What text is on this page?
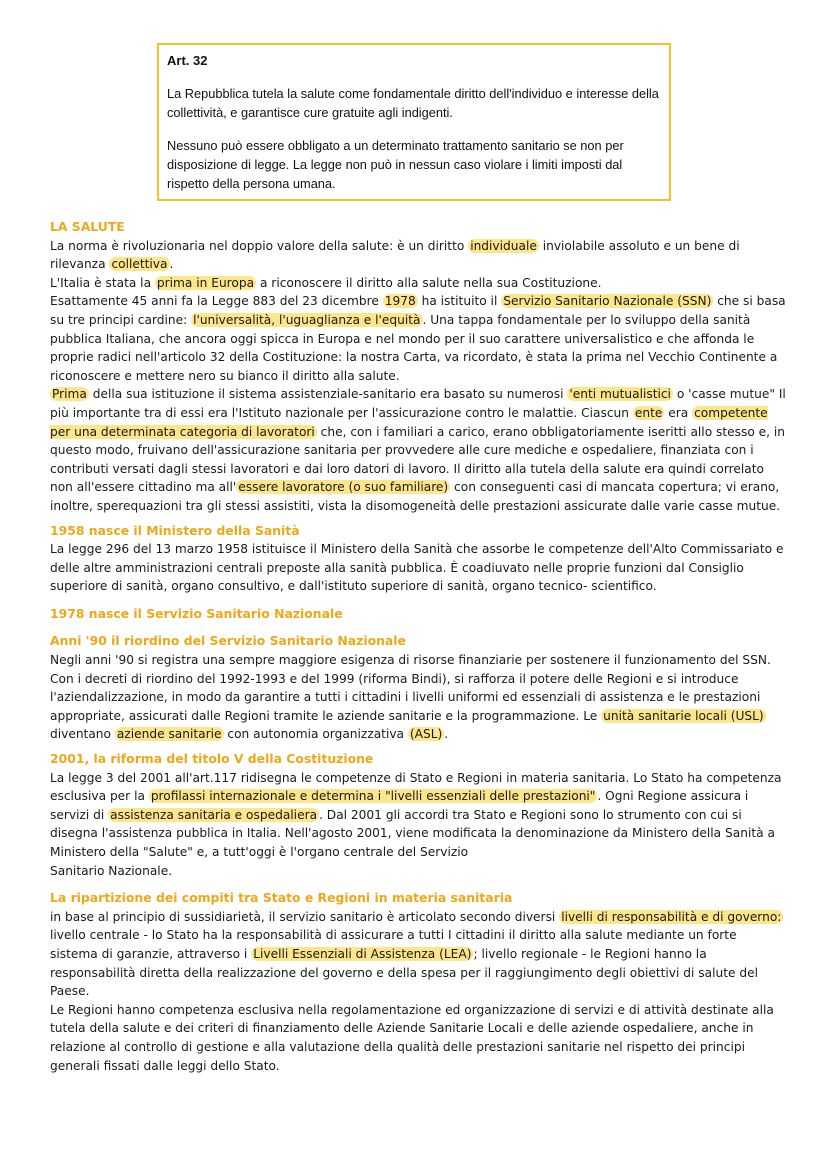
Art. 32

La Repubblica tutela la salute come fondamentale diritto dell'individuo e interesse della collettività, e garantisce cure gratuite agli indigenti.

Nessuno può essere obbligato a un determinato trattamento sanitario se non per disposizione di legge. La legge non può in nessun caso violare i limiti imposti dal rispetto della persona umana.

LA SALUTE

La norma è rivoluzionaria nel doppio valore della salute: è un diritto individuale inviolabile assoluto e un bene di rilevanza collettiva .

L'Italia è stata la prima in Europa a riconoscere il diritto alla salute nella sua Costituzione.

Esattamente 45 anni fa la Legge 883 del 23 dicembre 1978 ha istituito il Servizio Sanitario Nazionale (SSN) che si basa su tre principi cardine: l'universalità, l'uguaglianza e l'equità . Una tappa fondamentale per lo sviluppo della sanità pubblica Italiana, che ancora oggi spicca in Europa e nel mondo per il suo carattere universalistico e che affonda le proprie radici nell'articolo 32 della Costituzione: la nostra Carta, va ricordato, è stata la prima nel Vecchio Continente a riconoscere e mettere nero su bianco il diritto alla salute.

Prima della sua istituzione il sistema assistenziale-sanitario era basato su numerosi 'enti mutualistici o 'casse mutue" Il più importante tra di essi era l'Istituto nazionale per l'assicurazione contro le malattie. Ciascun ente era competente per una determinata categoria di lavoratori che, con i familiari a carico, erano obbligatoriamente iseritti allo stesso e, in questo modo, fruivano dell'assicurazione sanitaria per provvedere alle cure mediche e ospedaliere, finanziata con i contributi versati dagli stessi lavoratori e dai loro datori di lavoro. Il diritto alla tutela della salute era quindi correlato non all'essere cittadino ma all' essere lavoratore (o suo familiare) con conseguenti casi di mancata copertura; vi erano, inoltre, sperequazioni tra gli stessi assistiti, vista la disomogeneità delle prestazioni assicurate dalle varie casse mutue.

1958 nasce il Ministero della Sanità

La legge 296 del 13 marzo 1958 istituisce il Ministero della Sanità che assorbe le competenze dell'Alto Commissariato e delle altre amministrazioni centrali preposte alla sanità pubblica. È coadiuvato nelle proprie funzioni dal Consiglio superiore di sanità, organo consultivo, e dall'istituto superiore di sanità, organo tecnico- scientifico.

1978 nasce il Servizio Sanitario Nazionale

Anni '90 il riordino del Servizio Sanitario Nazionale

Negli anni '90 si registra una sempre maggiore esigenza di risorse finanziarie per sostenere il funzionamento del SSN. Con i decreti di riordino del 1992-1993 e del 1999 (riforma Bindi), si rafforza il potere delle Regioni e si introduce l'aziendalizzazione, in modo da garantire a tutti i cittadini i livelli uniformi ed essenziali di assistenza e le prestazioni appropriate, assicurati dalle Regioni tramite le aziende sanitarie e la programmazione. Le unità sanitarie locali (USL) diventano aziende sanitarie con autonomia organizzativa (ASL) .

2001, la riforma del titolo V della Costituzione

La legge 3 del 2001 all'art.117 ridisegna le competenze di Stato e Regioni in materia sanitaria. Lo Stato ha competenza esclusiva per la profilassi internazionale e determina i "livelli essenziali delle prestazioni" . Ogni Regione assicura i servizi di assistenza sanitaria e ospedaliera . Dal 2001 gli accordi tra Stato e Regioni sono lo strumento con cui si disegna l'assistenza pubblica in Italia. Nell'agosto 2001, viene modificata la denominazione da Ministero della Sanità a Ministero della "Salute" e, a tutt'oggi è l'organo centrale del Servizio
Sanitario Nazionale.

La ripartizione dei compiti tra Stato e Regioni in materia sanitaria

in base al principio di sussidiarietà, il servizio sanitario è articolato secondo diversi livelli di responsabilità e di governo: livello centrale - lo Stato ha la responsabilità di assicurare a tutti I cittadini il diritto alla salute mediante un forte sistema di garanzie, attraverso i Livelli Essenziali di Assistenza (LEA) ; livello regionale - le Regioni hanno la responsabilità diretta della realizzazione del governo e della spesa per il raggiungimento degli obiettivi di salute del Paese.

Le Regioni hanno competenza esclusiva nella regolamentazione ed organizzazione di servizi e di attività destinate alla tutela della salute e dei criteri di finanziamento delle Aziende Sanitarie Locali e delle aziende ospedaliere, anche in relazione al controllo di gestione e alla valutazione della qualità delle prestazioni sanitarie nel rispetto dei principi generali fissati dalle leggi dello Stato.
